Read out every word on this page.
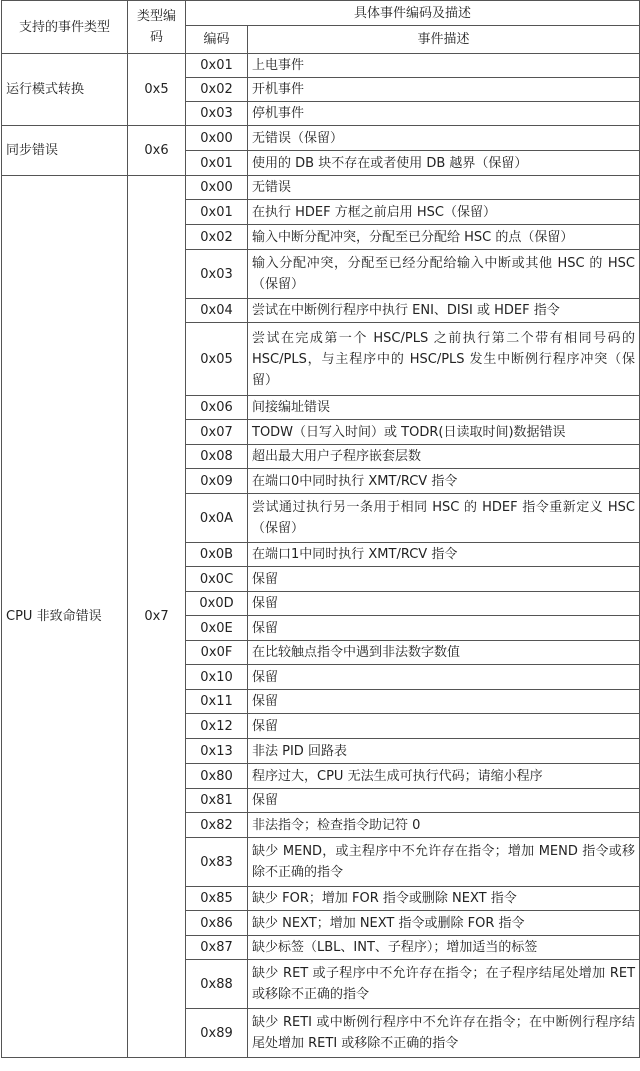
支持的事件类型	类型编码	具体事件编码及描述	
		编码	事件描述
运行模式转换	0x5	0x01	上电事件
		0x02	开机事件
		0x03	停机事件
同步错误	0x6	0x00	无错误（保留）
		0x01	使用的 DB 块不存在或者使用 DB 越界（保留）
CPU 非致命错误	0x7	0x00	无错误
		0x01	在执行 HDEF 方框之前启用 HSC（保留）
		0x02	输入中断分配冲突，分配至已分配给 HSC 的点（保留）
		0x03	输入分配冲突，分配至已经分配给输入中断或其他 HSC 的 HSC（保留）
		0x04	尝试在中断例行程序中执行 ENI、DISI 或 HDEF 指令
		0x05	尝试在完成第一个 HSC/PLS 之前执行第二个带有相同号码的 HSC/PLS，与主程序中的 HSC/PLS 发生中断例行程序冲突（保留）
		0x06	间接编址错误
		0x07	TODW（日写入时间）或 TODR(日读取时间)数据错误
		0x08	超出最大用户子程序嵌套层数
		0x09	在端口0中同时执行 XMT/RCV 指令
		0x0A	尝试通过执行另一条用于相同 HSC 的 HDEF 指令重新定义 HSC（保留）
		0x0B	在端口1中同时执行 XMT/RCV 指令
		0x0C	保留
		0x0D	保留
		0x0E	保留
		0x0F	在比较触点指令中遇到非法数字数值
		0x10	保留
		0x11	保留
		0x12	保留
		0x13	非法 PID 回路表
		0x80	程序过大，CPU 无法生成可执行代码；请缩小程序
		0x81	保留
		0x82	非法指令；检查指令助记符 0
		0x83	缺少 MEND，或主程序中不允许存在指令；增加 MEND 指令或移除不正确的指令
		0x85	缺少 FOR；增加 FOR 指令或删除 NEXT 指令
		0x86	缺少 NEXT；增加 NEXT 指令或删除 FOR 指令
		0x87	缺少标签（LBL、INT、子程序）；增加适当的标签
		0x88	缺少 RET 或子程序中不允许存在指令；在子程序结尾处增加 RET 或移除不正确的指令
		0x89	缺少 RETI 或中断例行程序中不允许存在指令；在中断例行程序结尾处增加 RETI 或移除不正确的指令
